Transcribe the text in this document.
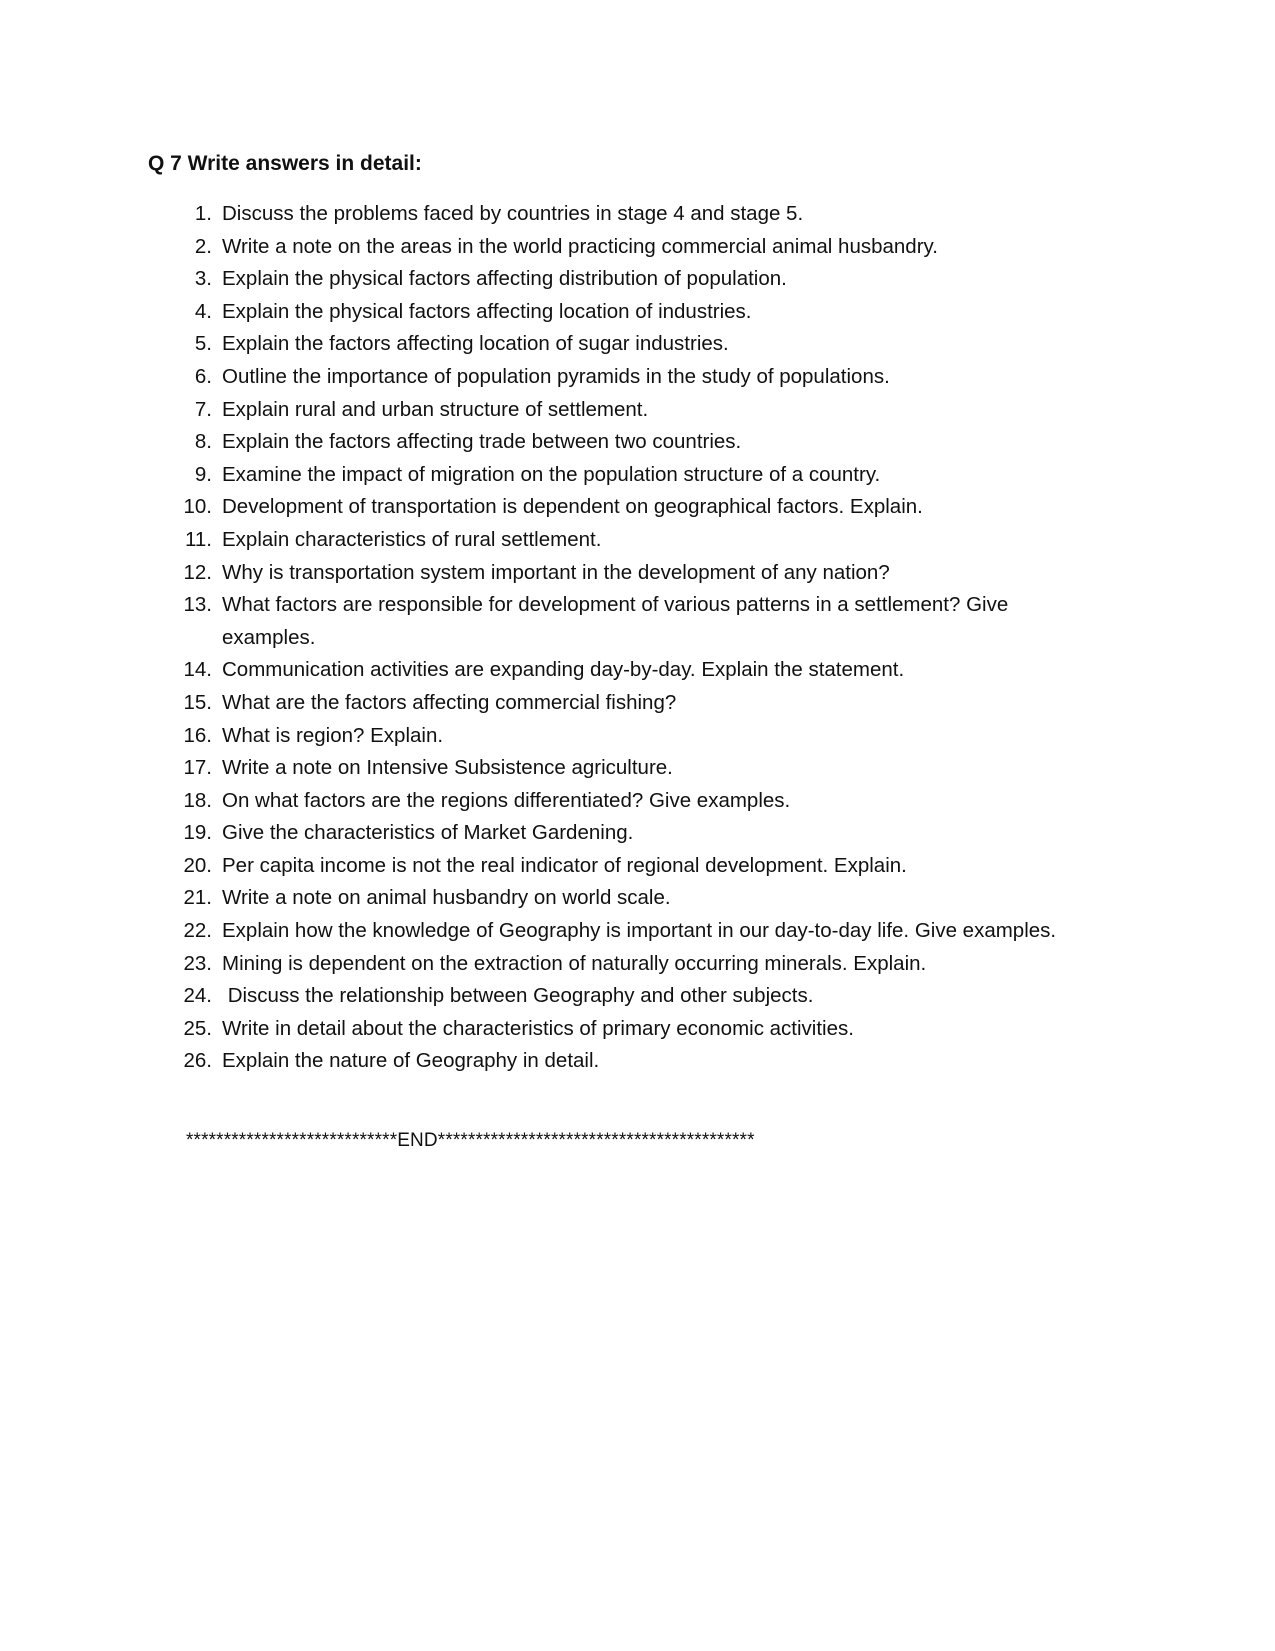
Q 7 Write answers in detail:
1. Discuss the problems faced by countries in stage 4 and stage 5.
2. Write a note on the areas in the world practicing commercial animal husbandry.
3. Explain the physical factors affecting distribution of population.
4. Explain the physical factors affecting location of industries.
5. Explain the factors affecting location of sugar industries.
6. Outline the importance of population pyramids in the study of populations.
7. Explain rural and urban structure of settlement.
8. Explain the factors affecting trade between two countries.
9. Examine the impact of migration on the population structure of a country.
10. Development of transportation is dependent on geographical factors. Explain.
11. Explain characteristics of rural settlement.
12. Why is transportation system important in the development of any nation?
13. What factors are responsible for development of various patterns in a settlement? Give examples.
14. Communication activities are expanding day-by-day. Explain the statement.
15. What are the factors affecting commercial fishing?
16. What is region? Explain.
17. Write a note on Intensive Subsistence agriculture.
18. On what factors are the regions differentiated? Give examples.
19. Give the characteristics of Market Gardening.
20. Per capita income is not the real indicator of regional development. Explain.
21. Write a note on animal husbandry on world scale.
22. Explain how the knowledge of Geography is important in our day-to-day life. Give examples.
23. Mining is dependent on the extraction of naturally occurring minerals. Explain.
24. Discuss the relationship between Geography and other subjects.
25. Write in detail about the characteristics of primary economic activities.
26. Explain the nature of Geography in detail.
****************************END******************************************
